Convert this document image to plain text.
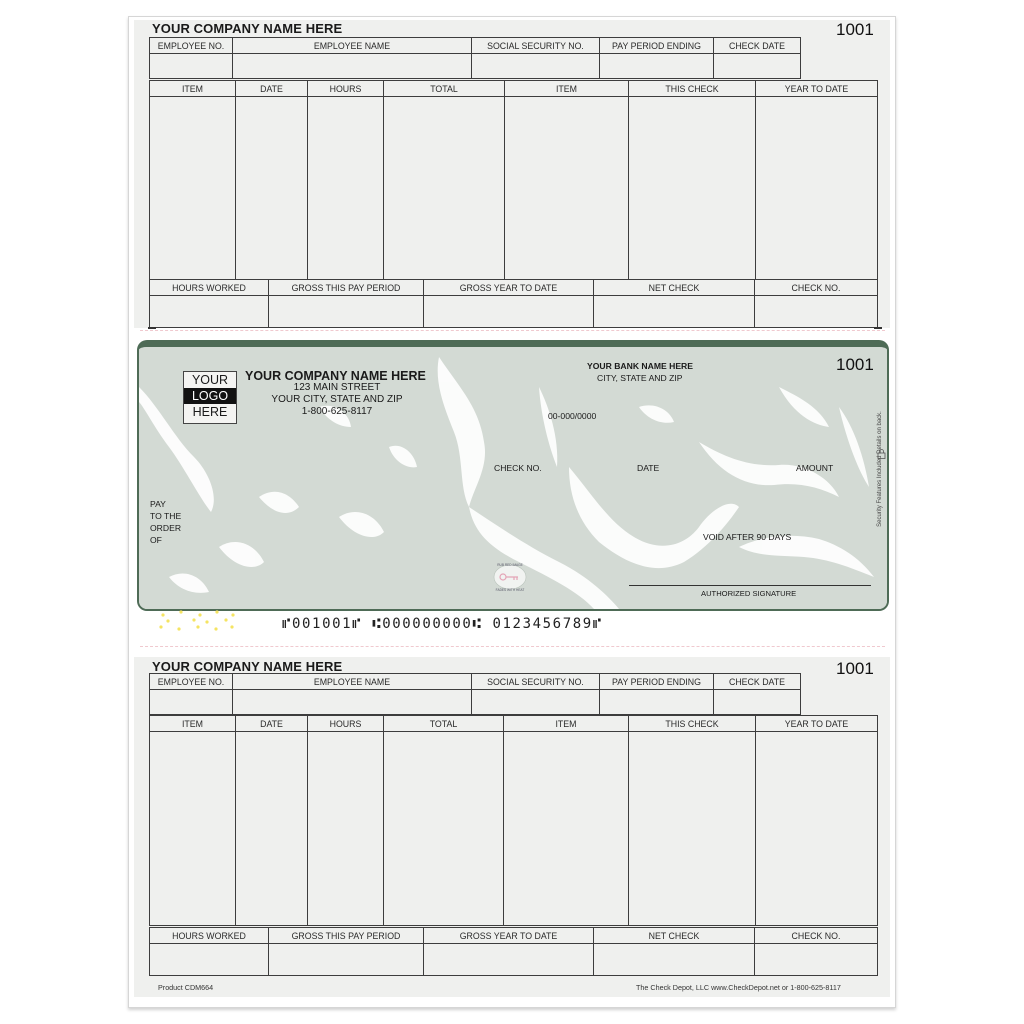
YOUR COMPANY NAME HERE	1001
EMPLOYEE NO.	EMPLOYEE NAME	SOCIAL SECURITY NO.	PAY PERIOD ENDING	CHECK DATE

ITEM	DATE	HOURS	TOTAL	ITEM	THIS CHECK	YEAR TO DATE

HOURS WORKED	GROSS THIS PAY PERIOD	GROSS YEAR TO DATE	NET CHECK	CHECK NO.

THE FACE OF THIS DOCUMENT HAS A COLORED BACKGROUND ON WHITE PAPER
YOUR
LOGO
HERE
YOUR COMPANY NAME HERE
123 MAIN STREET
YOUR CITY, STATE AND ZIP
1-800-625-8117
YOUR BANK NAME HERE
CITY, STATE AND ZIP
1001
00-000/0000
CHECK NO.	DATE	AMOUNT
PAY
TO THE
ORDER
OF	VOID AFTER 90 DAYS
RUB RED IMAGE
FADES WITH HEAT	AUTHORIZED SIGNATURE
Security Features Included Details on back.
⑈001001⑈ ⑆000000000⑆ 0123456789⑈
YOUR COMPANY NAME HERE	1001
EMPLOYEE NO.	EMPLOYEE NAME	SOCIAL SECURITY NO.	PAY PERIOD ENDING	CHECK DATE

ITEM	DATE	HOURS	TOTAL	ITEM	THIS CHECK	YEAR TO DATE

HOURS WORKED	GROSS THIS PAY PERIOD	GROSS YEAR TO DATE	NET CHECK	CHECK NO.

Product CDM664	The Check Depot, LLC www.CheckDepot.net or 1-800-625-8117
